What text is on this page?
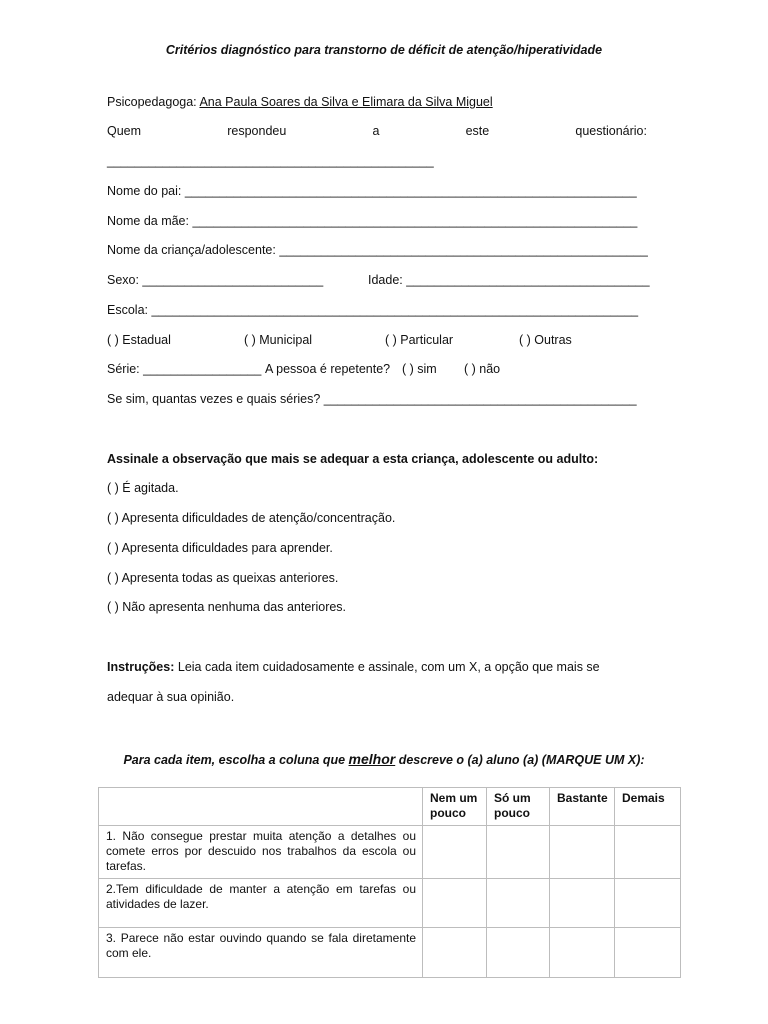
Critérios diagnóstico para transtorno de déficit de atenção/hiperatividade
Psicopedagoga: Ana Paula Soares da Silva e Elimara da Silva Miguel
Quem	respondeu	a	este	questionário:
_______________________________________________
Nome do pai: _________________________________________________________________
Nome da mãe: ________________________________________________________________
Nome da criança/adolescente: _____________________________________________________
Sexo: __________________________	Idade: ___________________________________
Escola: ______________________________________________________________________
( ) Estadual	( ) Municipal	( ) Particular	( ) Outras
Série: _________________ A pessoa é repetente? ( ) sim ( ) não
Se sim, quantas vezes e quais séries? _____________________________________________
Assinale a observação que mais se adequar a esta criança, adolescente ou adulto:
( ) É agitada.
( ) Apresenta dificuldades de atenção/concentração.
( ) Apresenta dificuldades para aprender.
( ) Apresenta todas as queixas anteriores.
( ) Não apresenta nenhuma das anteriores.
Instruções: Leia cada item cuidadosamente e assinale, com um X, a opção que mais se
adequar à sua opinião.
Para cada item, escolha a coluna que melhor descreve o (a) aluno (a) (MARQUE UM X):
	Nem um pouco	Só um pouco	Bastante	Demais
1. Não consegue prestar muita atenção a detalhes ou comete erros por descuido nos trabalhos da escola ou tarefas.				
2.Tem dificuldade de manter a atenção em tarefas ou atividades de lazer.				
3. Parece não estar ouvindo quando se fala diretamente com ele.				
